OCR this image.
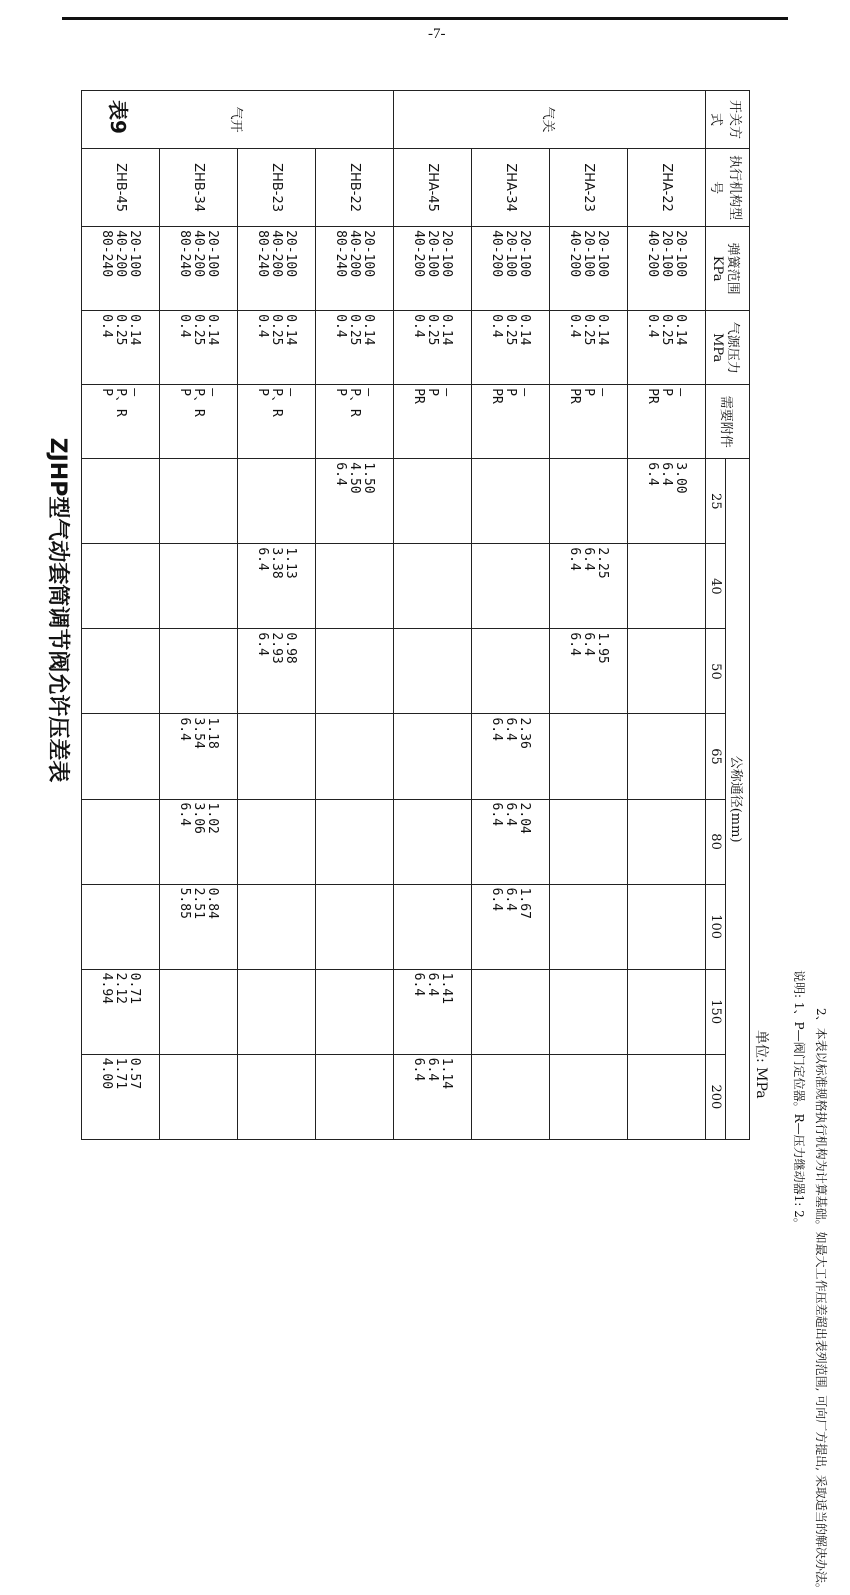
-7-
表9
单位: MPa
ZJHP型气动套筒调节阀允许压差表
开关方式	执行机构型号	弹簧范围
KPa	气源压力
MPa	需要附件	公称通径(mm)							
					25	40	50	65	80	100	150	200
气关	ZHA-22	20-100
20-100
40-200	0.14
0.25
0.4	—
P
PR	3.00
6.4
6.4							

	ZHA-23	20-100
20-100
40-200	0.14
0.25
0.4	—
P
PR		2.25
6.4
6.4	1.95
6.4
6.4					

	ZHA-34	20-100
20-100
40-200	0.14
0.25
0.4	—
P
PR				2.36
6.4
6.4	2.04
6.4
6.4	1.67
6.4
6.4		

	ZHA-45	20-100
20-100
40-200	0.14
0.25
0.4	—
P
PR							1.41
6.4
6.4	1.14
6.4
6.4

气开	ZHB-22	20-100
40-200
80-240	0.14
0.25
0.4	—
P、R
P	1.50
4.50
6.4							

	ZHB-23	20-100
40-200
80-240	0.14
0.25
0.4	—
P、R
P		1.13
3.38
6.4	0.98
2.93
6.4					

	ZHB-34	20-100
40-200
80-240	0.14
0.25
0.4	—
P、R
P				1.18
3.54
6.4	1.02
3.06
6.4	0.84
2.51
5.85		

	ZHB-45	20-100
40-200
80-240	0.14
0.25
0.4	—
P、R
P							0.71
2.12
4.94	0.57
1.71
4.00	说明: 1、P—阀门定位器。R—压力继动器1: 2。 2、本表以标准规格执行机构为计算基础。如最大工作压差超出表列范围, 可向厂方提出, 采取适当的解决办法。
